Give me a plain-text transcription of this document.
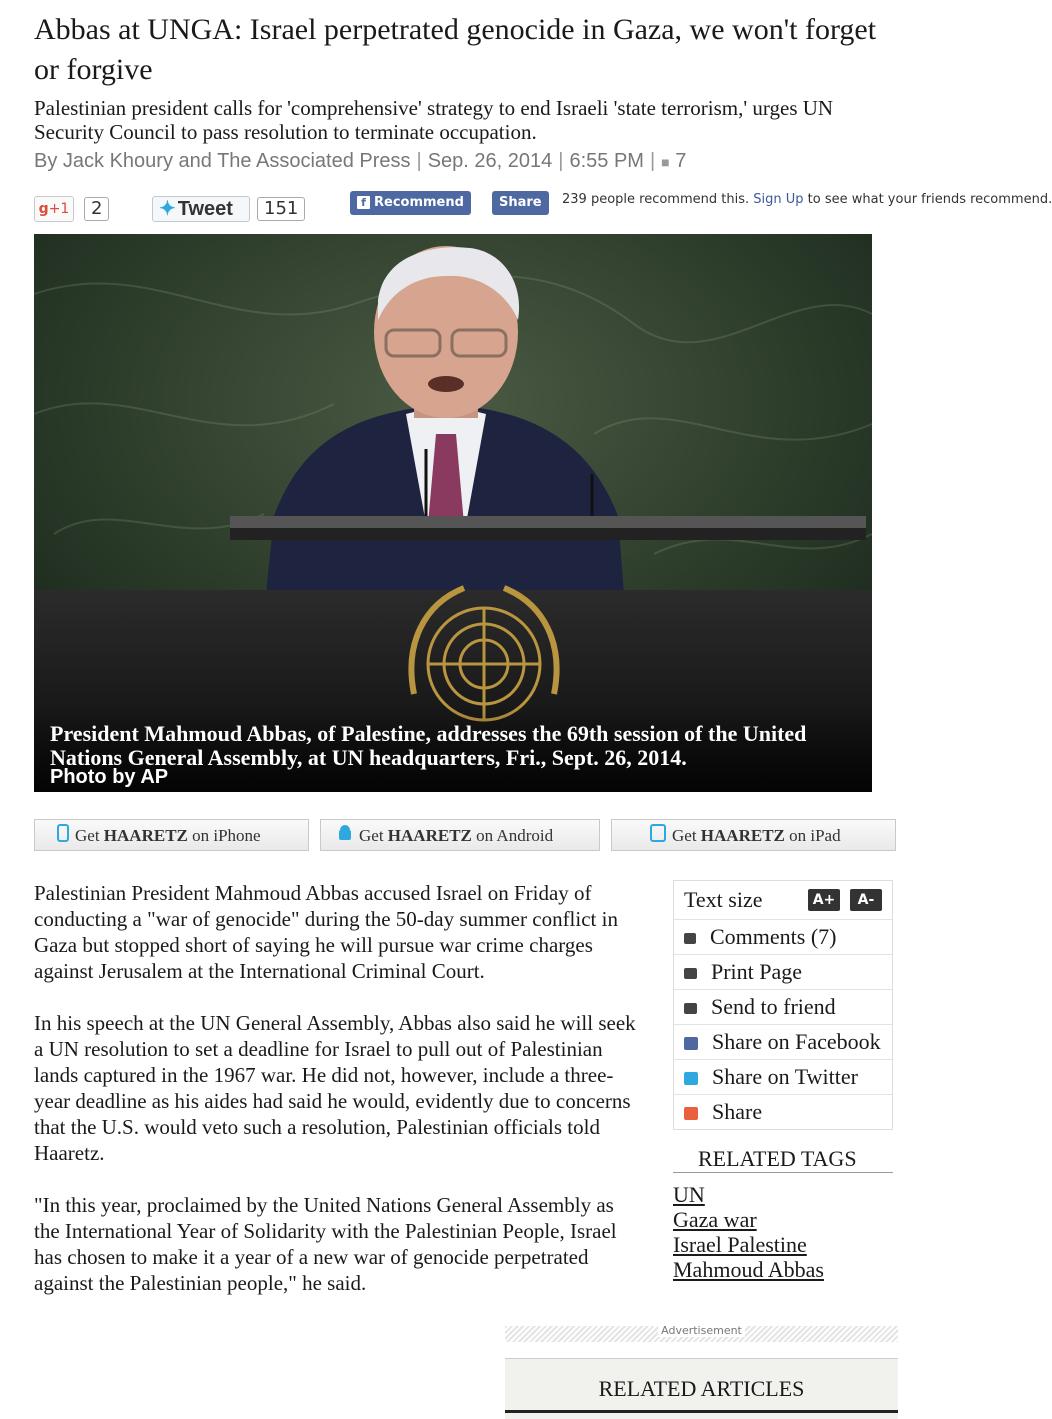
Abbas at UNGA: Israel perpetrated genocide in Gaza, we won't forget or forgive

Palestinian president calls for 'comprehensive' strategy to end Israeli 'state terrorism,' urges UN Security Council to pass resolution to terminate occupation.

By Jack Khoury and The Associated Press | Sep. 26, 2014 | 6:55 PM | ■ 7
g+1	2	✦ Tweet	151	f Recommend	Share	239 people recommend this. Sign Up to see what your friends recommend.
President Mahmoud Abbas, of Palestine, addresses the 69th session of the United Nations General Assembly, at UN headquarters, Fri., Sept. 26, 2014.
Photo by AP
Get HAARETZ on iPhone	Get HAARETZ on Android	Get HAARETZ on iPad

Palestinian President Mahmoud Abbas accused Israel on Friday of conducting a "war of genocide" during the 50-day summer conflict in Gaza but stopped short of saying he will pursue war crime charges against Jerusalem at the International Criminal Court.

In his speech at the UN General Assembly, Abbas also said he will seek a UN resolution to set a deadline for Israel to pull out of Palestinian lands captured in the 1967 war. He did not, however, include a three-year deadline as his aides had said he would, evidently due to concerns that the U.S. would veto such a resolution, Palestinian officials told Haaretz.

"In this year, proclaimed by the United Nations General Assembly as the International Year of Solidarity with the Palestinian People, Israel has chosen to make it a year of a new war of genocide perpetrated against the Palestinian people," he said.

Text size	A+	A-
Comments (7)
Print Page
Send to friend
Share on Facebook
Share on Twitter
Share
RELATED TAGS
UN
Gaza war
Israel Palestine
Mahmoud Abbas
Advertisement
RELATED ARTICLES
